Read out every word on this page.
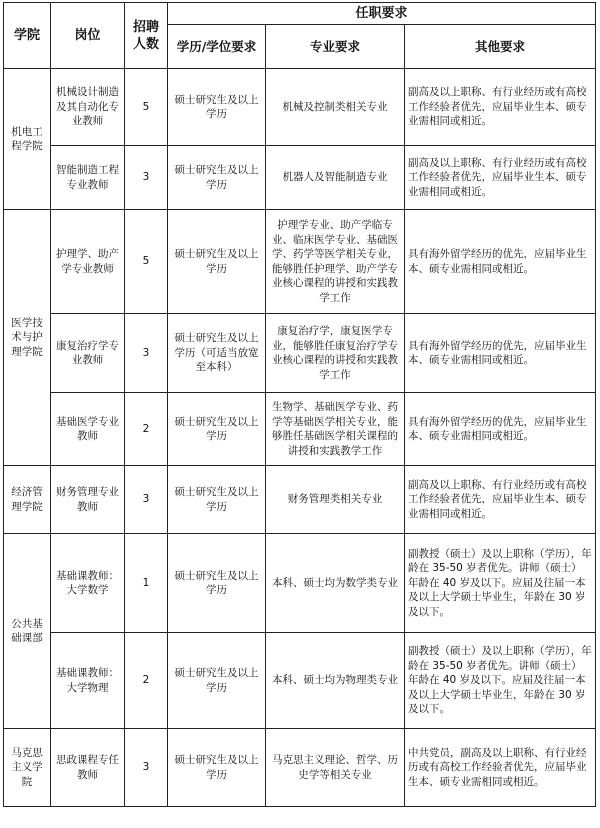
学院	岗位	招聘人数	任职要求		
			学历/学位要求	专业要求	其他要求
机电工程学院	机械设计制造及其自动化专业教师	5	硕士研究生及以上学历	机械及控制类相关专业	副高及以上职称、有行业经历或有高校工作经验者优先，应届毕业生本、硕专业需相同或相近。
	智能制造工程专业教师	3	硕士研究生及以上学历	机器人及智能制造专业	副高及以上职称、有行业经历或有高校工作经验者优先，应届毕业生本、硕专业需相同或相近。
医学技术与护理学院	护理学、助产学专业教师	5	硕士研究生及以上学历	护理学专业、助产学临专业、临床医学专业、基础医学、药学等医学相关专业，能够胜任护理学、助产学专业核心课程的讲授和实践教学工作	具有海外留学经历的优先，应届毕业生本、硕专业需相同或相近。
	康复治疗学专业教师	3	硕士研究生及以上学历（可适当放宽至本科）	康复治疗学，康复医学专业，能够胜任康复治疗学专业核心课程的讲授和实践教学工作	具有海外留学经历的优先，应届毕业生本、硕专业需相同或相近。
	基础医学专业教师	2	硕士研究生及以上学历	生物学、基础医学专业、药学等基础医学相关专业，能够胜任基础医学相关课程的讲授和实践教学工作	具有海外留学经历的优先，应届毕业生本、硕专业需相同或相近。
经济管理学院	财务管理专业教师	3	硕士研究生及以上学历	财务管理类相关专业	副高及以上职称、有行业经历或有高校工作经验者优先，应届毕业生本、硕专业需相同或相近。
公共基础课部	基础课教师：大学数学	1	硕士研究生及以上学历	本科、硕士均为数学类专业	副教授（硕士）及以上职称（学历），年龄在 35-50 岁者优先。讲师（硕士）年龄在 40 岁及以下。应届及往届一本及以上大学硕士毕业生，年龄在 30 岁及以下。
	基础课教师：大学物理	2	硕士研究生及以上学历	本科、硕士均为物理类专业	副教授（硕士）及以上职称（学历），年龄在 35-50 岁者优先。讲师（硕士）年龄在 40 岁及以下。应届及往届一本及以上大学硕士毕业生，年龄在 30 岁及以下。
马克思主义学院	思政课程专任教师	3	硕士研究生及以上学历	马克思主义理论、哲学、历史学等相关专业	中共党员，副高及以上职称、有行业经历或有高校工作经验者优先，应届毕业生本、硕专业需相同或相近。
